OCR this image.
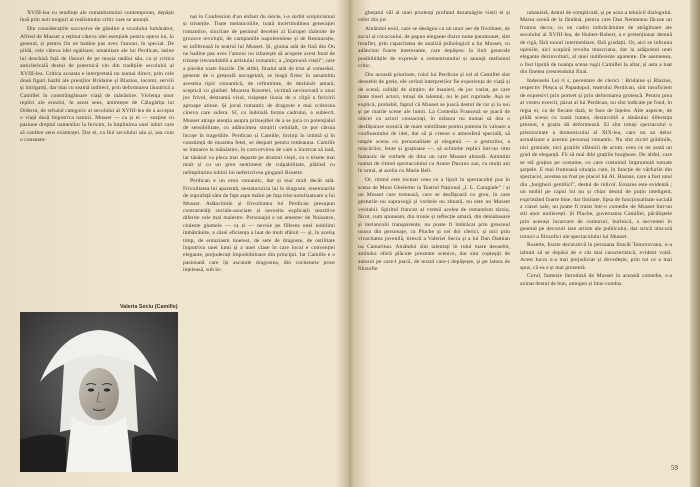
XVIII-lea cu tendințe ale romantismului contemporan, depășit însă prin noii muguri ai realismului critic care se anunță.

Din considerațiile succesive de gândire a scoolului lumânător, Alfred de Musset a reținut câteva idei esențiale pentru opera lui, în general, și pentru On ne badine pas avec l'amour, în special. De pildă, cele câteva idei egalitare, umanitare ale lui Perdican, latine lui deschisă față de lăsnuri de pe moșia tatălui său, ca și critica anticlericală destul de puternică vin din tradițiile secolului al XVIII-lea. Critica acoasta e interpretată nu numai direct, prin cele două figuri hazlii ale preoților Bridaine și Blazius, lacomi, servili și intriganți, dar mai cu seamă indirect, prin deformarea lăuntrică a Camillei în constrângătoare viață de mănăstire. Violența unor replici ale eroului, în acest sens, amintește de Călugărița lui Diderot, de refuzul categoric al secolului al XVIII-lea de a accepta o viață dusă împotriva naturii. Musset — ca și ei — susține cu pasiune dreptul oamenilor la fericire, la împlinirea unei iubiri care să confere sens existenței. Dar ei, ca fiul secolului său și, asa cum o conseam-

Valeria Seciu (Camille)

nat în Confession d'un enfant du siècle, i-a sorbit scepticismul și tristețile. Toate melancoliile, toată incertitudinea generației romantice, sincilate de pesimul deceliei zi Europei războite de grozave revoluții, de campaniile napoleoniene și de Restaurație, se infiltrează în teatrul lui Musset. Și, gluma atât de fină din On ne badine pas avec l'amour nu izbutește să acopere acest fond de tristețe irevandabilă a artistului romantic, a „împreună vieții”, care a pierdut toate iluziile. De altfel, finalul atât de trist al comediei, generat de o greșeală necugetată, se leagă firesc în ansamblu acesteia tipic romantică, de refinminte, de dezbinăr amară, sceptică cu ginibel. Moartea Rosettei, victimă nevinovată a unui joc frivol, destramă visul, risipește iluzia de o clipă a fericirii aproape atinse. Și jocul romantic de dragoste e mai ccdrosna cineva care sufera. Sî, cu îndoială forma cadrului, a subiectl, Musset atrage atenția asupra primejdiei de a se juca cu potențialul de sensibilitate, cu adâncimea simțirii celuilalt, ce pot căruia încoțe în tragediile. Perdican și Camille, învinți în intimă și în constiință de moartea fetei, se despart pentru totdeauna. Camille se întoarce la mănăstire, în convorvirea de care a încercat să iasă, iar tânărul va pleca mai departe pe drumul vieții, cu o trisete mai mult și cu un greu sentiment de culpabilitate, plătind cu neîmplinirea iubirii lui neferictivea ginganii Rosette.

Perdican e un erou romantic, dar și mai mult decât atât. Frivolitatea lui aparentă, nestatornicia lui în dragoste, resemnarile de suprafață sânt de fapt aspe mâini pe fața trist-autolizatoare a lui Musset. Adâncimile și frivolitatea lui Perdican presupun contrarietăți sociale-asociate și necesita explicații senzitive diferite cele mai maiestre. Personajul e un amestec de Nuisance, ciuleste glumele — ca și — nevoie pe fillerea unei nobilimi îmbătrânite, a cărei eficiența a luat de mult sfârsit — și, în acelaș timp, de entuziasm tinerest, de sete de dragoste, de ostilitate împotriva unei lumi și a unei clase în care locul e convenției elegante, prejudecați împodobitoare din principii. Iar Camille e o pasionată care își ascunde dragostea, din cochetarie prost înțeleasă, sub în-

ghețatul văl al unei prudenți profund dezamăgite vieții ei și celor din jur.

Amândoi eroii, care se desăgnu ca un unor aer de fivolitate, de socul al rococoului, de papuo elegante distro tume parantunet, sînt însuflet, prin capacitatea de analiză psihologică a lui Musset, cu adâncimi foarte interesante, care depășesc în linii generale posibilitățile de expresie a romantismului și anunță realismul critic.

Din această prioritate, rolul lui Perdican și cel al Camillei sînt deosebit de grele, ele cerînd interpretilor fie experiența de viață și de scenă, calități de simțire, de manieri, de joc variat, pe care mate tineri actori, totuși de talentul, nu le pot cuprinde. Așa se explică, probabil, faptul că Musset se joacă destul de rar și la noi și pe marile scene ale lumii. La Comedia Franceză se joacă de obicei cu actori consacrați, în măsura nu numai să dea o desfășurare scenică de mare subtilitate pentru puterea în valoare a confluentului de idei, dar să și creeze o atmosferă specială, să umple scena cu personalitate și elegantă — a gesturilor, a mișcărilor, lente și grațioase —, să schimbe replici într-un ritm fantastic de vorbele de dinz un care Musset abundă. Amintim numai de ritmul spectacolului cu Annie Ducaux sau, cu mulți ani în urmă, al acelia cu Marie Bell.

Or, ritmul este tocmai ceea ce a lipsit în spectacolul pus în scena de Moni Ghelerter la Teatrul Național „I. L. Caragiale” : și un Musset care trenează, care se desfășoară cu greu, în care gesturile nu supravegă și vorbele nu zboară, nu este un Musset veritabil. Spiritul francez al vremii acelea de romantism târziu, făcut, cum spuneam, din ironie și reflecție amară, din deniabasare și melancolii transparente, nu poate fi îmbrăcat prin grosceul unora din personaje, ca Pluche și cei doi clerici, și nici prin vivacitatea juvenilă, tirescă a Valeriei Seciu și a lui Dan Damian nu Camarituu. Amândoi sînt talentați în rolul mare deosebit, amîndoi oferă plăcute prezente scenice, dar sint copleșiți de autorul pe care-l joacă, de textul care-i depășește, și pe latura de filozofie

umanistă, destul de complicată, și pe acea a tehnicii dialogului. Marea scenă de la fântână, pentru care Dan Nemteanu făcuse un frumos decor, cu un cadru imbrăcăminte de atrăgîtoare ale secolului al XVIII-lea, de Hubert-Robert, a e pretenționat demnă de rigă, fără tonuri intermediare, fără gradații. Or, aici se infrunta opiniile, aici scapără revolta muscriana, dar la adăpostul unei elegante dezinvolturi, al unei indiferente aparente. De asemenea, o fost lipsită de nuanța scena rugii Camillei la altar, și asta a luat din finetea crescendului final.

Indeosebi Lei ri s, pecentare de clerici : Bridaine și Blazius, respectiv Pleșca și Papadopol, teatrului Perdican, sînt insuficient de expresivi prin portret și prin deformarea grotescă. Pentru prea al vostru exercit, păcat al lui Perdican, nu sînt indicate pe fond, în regia ei, ca de fiecare dată, te face de înțeles. Alte aspecte, de pildă scena cu toată lumea, dezinvoltă a tânărului diferența prezent, e grația dă deformează. El sînt totuși spectacolul o prieziozitate a domesticului al XIX-lea, care nu au deloc actualizare a acestui personaj romantic. Nu sînt niciel grădinile, nici graniale, nici grațiile sfătuirii de acum, ceea ce ne arată un grad de eleganță. Fii să mai dibi grațiile burgheze. De altfel, care se stă grațios pe costume, cu care costumul împrumută tomate șarpele. E mai frumoasă situația care, în funcție de vârfurile din spectacol, acestea au fost pe placul lui Al. Hasnas, care a fost unul din „burghezi gentilici”, destul de ridicol. Eroarea este evidentă ; un mobil pe capul lui nu și chiar destul de puțin inteligent, exprimând foarte bine, dar limitate, lipsa de funcționalitate socială a clasei sale, nu poate fi tratat într-o comedie de Musset într-un stil unor molierești. Și Pluche, guvernanta Camillei, păcăliștele prin aceeași încarcare de contururi, burlescă, a secventei în general pe decoruri tare artiste ale publicului, dar strică obscură ironici a filozofici ale spectacolului lui Musset.

Rosette, foarte decorativă în persoana Ilincăi Tomorovanu, n-a izbutit să se depăsă de o cât mai caracteristică, evident voită. Acest lucru n-a mai prejudiciat și dovedește, prin tot ce a mai spus, că ea e și mai prezentă.

Corul, fantezie întrodusă de Musset în această comedie, s-a axinat destul de bun, omogen și bine condus.

59
